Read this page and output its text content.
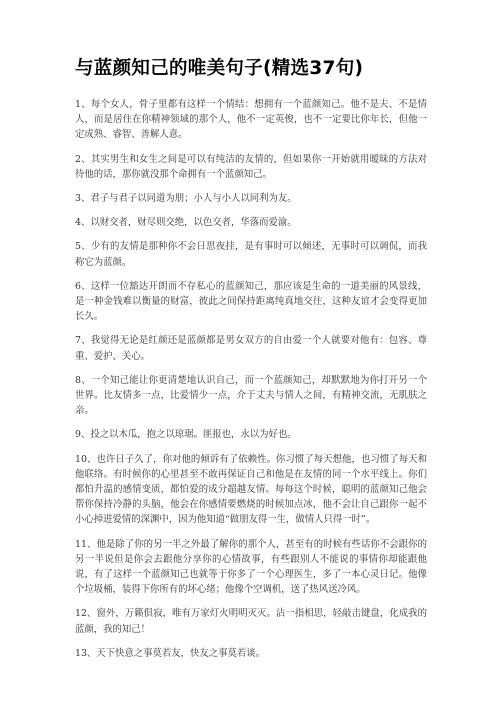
与蓝颜知己的唯美句子(精选37句)

1、每个女人，骨子里都有这样一个情结：想拥有一个蓝颜知己。他不是夫、不是情人，而是居住在你精神领域的那个人，他不一定英俊，也不一定要比你年长，但他一定成熟、睿智、善解人意。

2、其实男生和女生之间是可以有纯洁的友情的，但如果你一开始就用暧昧的方法对待他的话，那你就没那个命拥有一个蓝颜知己。

3、君子与君子以同道为朋；小人与小人以同利为友。

4、以财交者，财尽则交绝，以色交者，华落而爱渝。

5、少有的友情是那种你不会日思夜挂，是有事时可以倾述，无事时可以调侃，而我称它为蓝颜。

6、这样一位豁达开朗而不存私心的蓝颜知己，那应该是生命的一道美丽的风景线，是一种金钱难以衡量的财富，彼此之间保持距离纯真地交往，这种友谊才会变得更加长久。

7、我觉得无论是红颜还是蓝颜都是男女双方的自由爱一个人就要对他有：包容、尊重、爱护、关心。

8、一个知己能让你更清楚地认识自己，而一个蓝颜知己，却默默地为你打开另一个世界。比友情多一点，比爱情少一点，介于丈夫与情人之间，有精神交流，无肌肤之亲。

9、投之以木瓜，抱之以琼琚。匪报也，永以为好也。

10、也许日子久了，你对他的倾诉有了依赖性。你习惯了每天想他，也习惯了每天和他联络。有时候你的心里甚至不敢再保证自己和他是在友情的同一个水平线上。你们都怕升温的感情变质，都怕爱的成分超越友情。每每这个时候，聪明的蓝颜知己他会帮你保持冷静的头脑，他会在你感情要燃烧的时候加点冰，他不会让自己跟你一起不小心掉进爱情的深渊中，因为他知道“做朋友得一生，做情人只得一时”。

11、他是除了你的另一半之外最了解你的那个人，甚至有的时候有些话你不会跟你的另一半说但是你会去跟他分享你的心情故事，有些跟别人不能说的事情你却能跟他说，有了这样一个蓝颜知己也就等于你多了一个心理医生，多了一本心灵日记。他像个垃圾桶，装得下你所有的坏心绪；他像个空调机，送了热风送冷风。

12、窗外，万籁俱寂，唯有万家灯火明明灭灭。沾一指相思，轻敲击键盘，化成我的蓝颜，我的知己！

13、天下快意之事莫若友，快友之事莫若谈。
